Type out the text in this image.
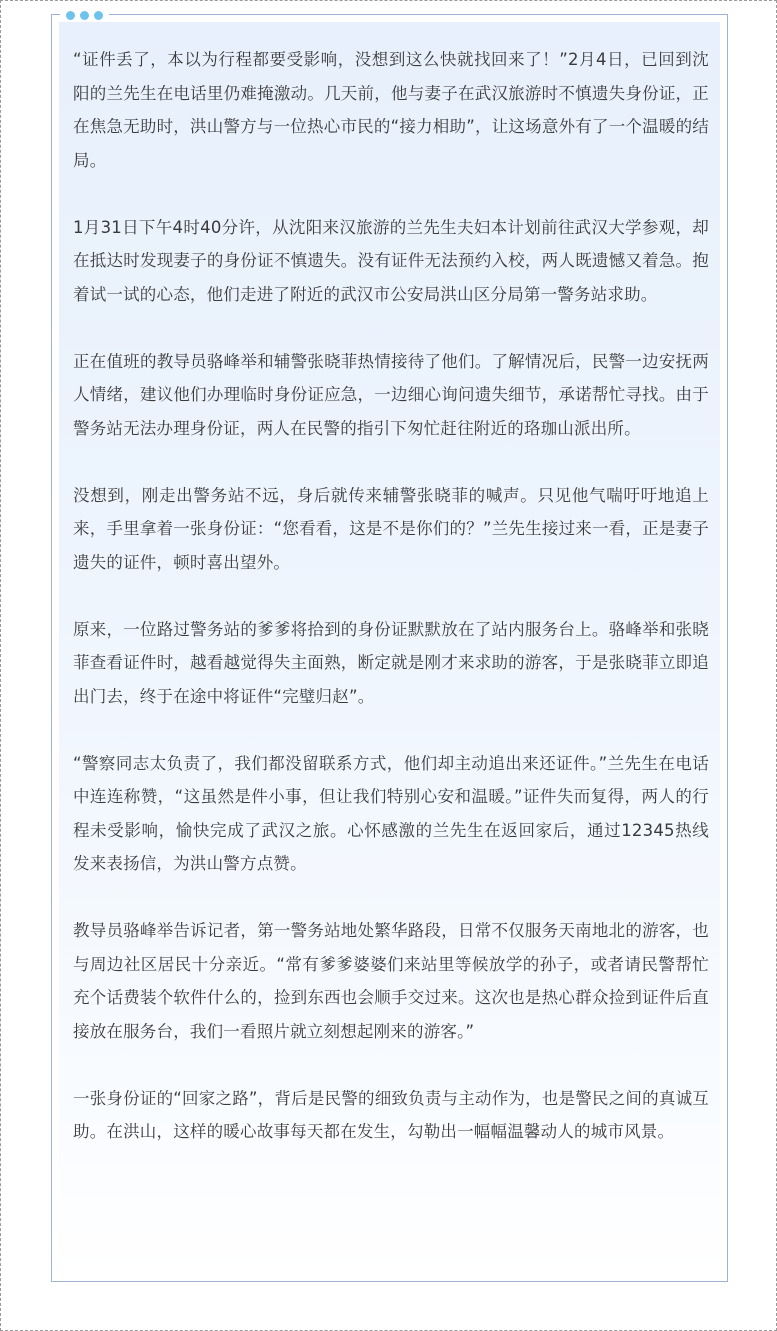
“证件丢了，本以为行程都要受影响，没想到这么快就找回来了！”2月4日，已回到沈阳的兰先生在电话里仍难掩激动。几天前，他与妻子在武汉旅游时不慎遗失身份证，正在焦急无助时，洪山警方与一位热心市民的“接力相助”，让这场意外有了一个温暖的结局。

1月31日下午4时40分许，从沈阳来汉旅游的兰先生夫妇本计划前往武汉大学参观，却在抵达时发现妻子的身份证不慎遗失。没有证件无法预约入校，两人既遗憾又着急。抱着试一试的心态，他们走进了附近的武汉市公安局洪山区分局第一警务站求助。

正在值班的教导员骆峰举和辅警张晓菲热情接待了他们。了解情况后，民警一边安抚两人情绪，建议他们办理临时身份证应急，一边细心询问遗失细节，承诺帮忙寻找。由于警务站无法办理身份证，两人在民警的指引下匆忙赶往附近的珞珈山派出所。

没想到，刚走出警务站不远，身后就传来辅警张晓菲的喊声。只见他气喘吁吁地追上来，手里拿着一张身份证：“您看看，这是不是你们的？”兰先生接过来一看，正是妻子遗失的证件，顿时喜出望外。

原来，一位路过警务站的爹爹将拾到的身份证默默放在了站内服务台上。骆峰举和张晓菲查看证件时，越看越觉得失主面熟，断定就是刚才来求助的游客，于是张晓菲立即追出门去，终于在途中将证件“完璧归赵”。

“警察同志太负责了，我们都没留联系方式，他们却主动追出来还证件。”兰先生在电话中连连称赞，“这虽然是件小事，但让我们特别心安和温暖。”证件失而复得，两人的行程未受影响，愉快完成了武汉之旅。心怀感激的兰先生在返回家后，通过12345热线发来表扬信，为洪山警方点赞。

教导员骆峰举告诉记者，第一警务站地处繁华路段，日常不仅服务天南地北的游客，也与周边社区居民十分亲近。“常有爹爹婆婆们来站里等候放学的孙子，或者请民警帮忙充个话费装个软件什么的，捡到东西也会顺手交过来。这次也是热心群众捡到证件后直接放在服务台，我们一看照片就立刻想起刚来的游客。”

一张身份证的“回家之路”，背后是民警的细致负责与主动作为，也是警民之间的真诚互助。在洪山，这样的暖心故事每天都在发生，勾勒出一幅幅温馨动人的城市风景。
